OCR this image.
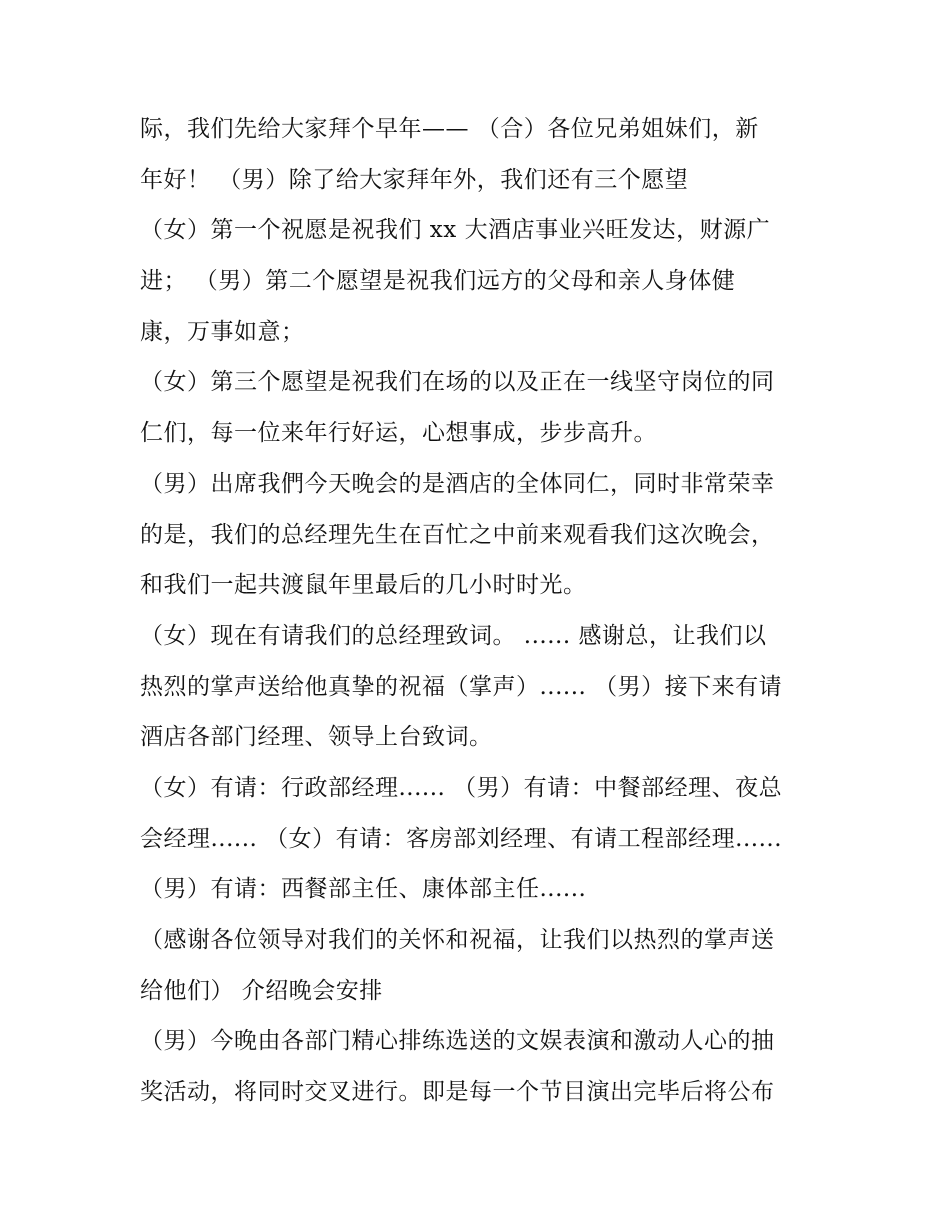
际，我们先给大家拜个早年—— （合）各位兄弟姐妹们，新
年好！ （男）除了给大家拜年外，我们还有三个愿望
（女）第一个祝愿是祝我们 xx 大酒店事业兴旺发达，财源广
进； （男）第二个愿望是祝我们远方的父母和亲人身体健
康，万事如意；
（女）第三个愿望是祝我们在场的以及正在一线坚守岗位的同
仁们，每一位来年行好运，心想事成，步步高升。
（男）出席我們今天晚会的是酒店的全体同仁，同时非常荣幸
的是，我们的总经理先生在百忙之中前来观看我们这次晚会，
和我们一起共渡鼠年里最后的几小时时光。
（女）现在有请我们的总经理致词。 ...... 感谢总，让我们以
热烈的掌声送给他真挚的祝福（掌声）...... （男）接下来有请
酒店各部门经理、领导上台致词。
（女）有请：行政部经理...... （男）有请：中餐部经理、夜总
会经理...... （女）有请：客房部刘经理、有请工程部经理......
（男）有请：西餐部主任、康体部主任......
（感谢各位领导对我们的关怀和祝福，让我们以热烈的掌声送
给他们） 介绍晚会安排
（男）今晚由各部门精心排练选送的文娱表演和激动人心的抽
奖活动，将同时交叉进行。即是每一个节目演出完毕后将公布
